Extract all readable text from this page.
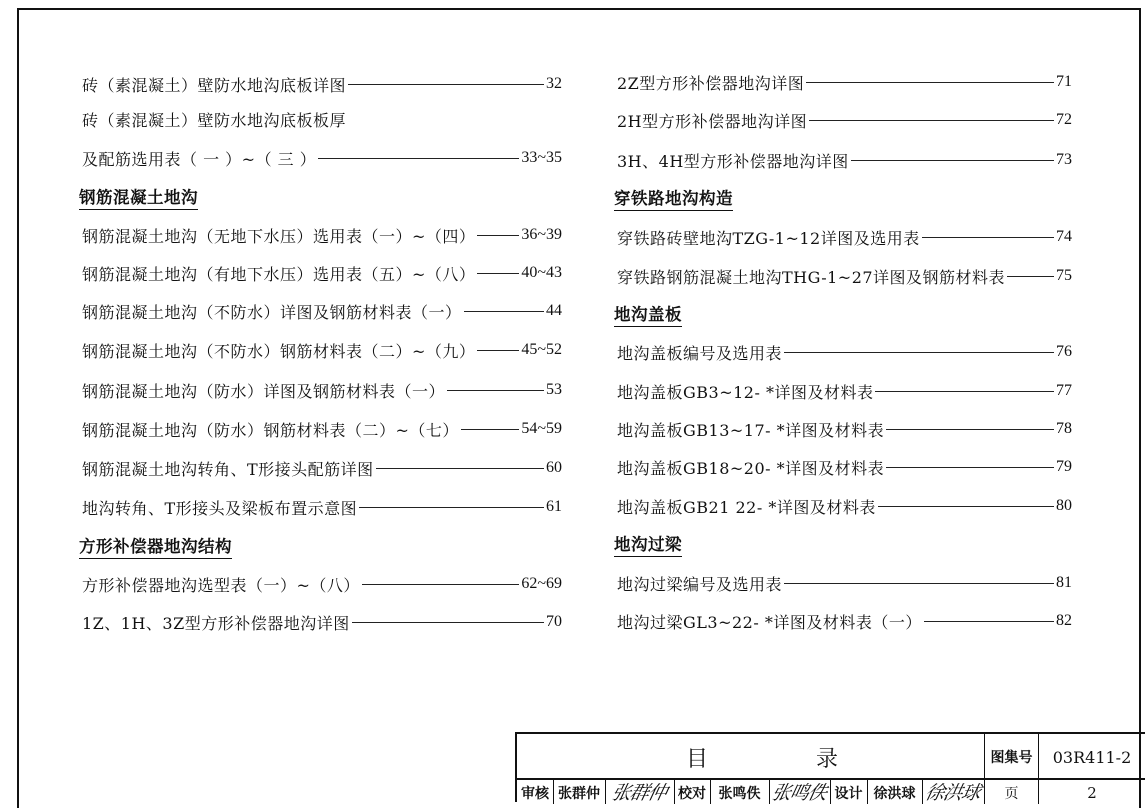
砖（素混凝土）壁防水地沟底板详图	32
砖（素混凝土）壁防水地沟底板板厚
及配筋选用表（ 一 ）~（ 三 ）	33~35
钢筋混凝土地沟
钢筋混凝土地沟（无地下水压）选用表（一）~（四）	36~39
钢筋混凝土地沟（有地下水压）选用表（五）~（八）	40~43
钢筋混凝土地沟（不防水）详图及钢筋材料表（一）	44
钢筋混凝土地沟（不防水）钢筋材料表（二）~（九）	45~52
钢筋混凝土地沟（防水）详图及钢筋材料表（一）	53
钢筋混凝土地沟（防水）钢筋材料表（二）~（七）	54~59
钢筋混凝土地沟转角、T形接头配筋详图	60
地沟转角、T形接头及梁板布置示意图	61
方形补偿器地沟结构
方形补偿器地沟选型表（一）~（八）	62~69
1Z、1H、3Z型方形补偿器地沟详图	70
2Z型方形补偿器地沟详图	71
2H型方形补偿器地沟详图	72
3H、4H型方形补偿器地沟详图	73
穿铁路地沟构造
穿铁路砖壁地沟TZG-1~12详图及选用表	74
穿铁路钢筋混凝土地沟THG-1~27详图及钢筋材料表	75
地沟盖板
地沟盖板编号及选用表	76
地沟盖板GB3~12- *详图及材料表	77
地沟盖板GB13~17- *详图及材料表	78
地沟盖板GB18~20- *详图及材料表	79
地沟盖板GB21 22- *详图及材料表	80
地沟过梁
地沟过梁编号及选用表	81
地沟过梁GL3~22- *详图及材料表（一）	82
目	录	图集号	03R411-2
审核 张群仲 张群仲 校对 张鸣佚 张鸣佚 设计 徐洪球 徐洪球	页	2
